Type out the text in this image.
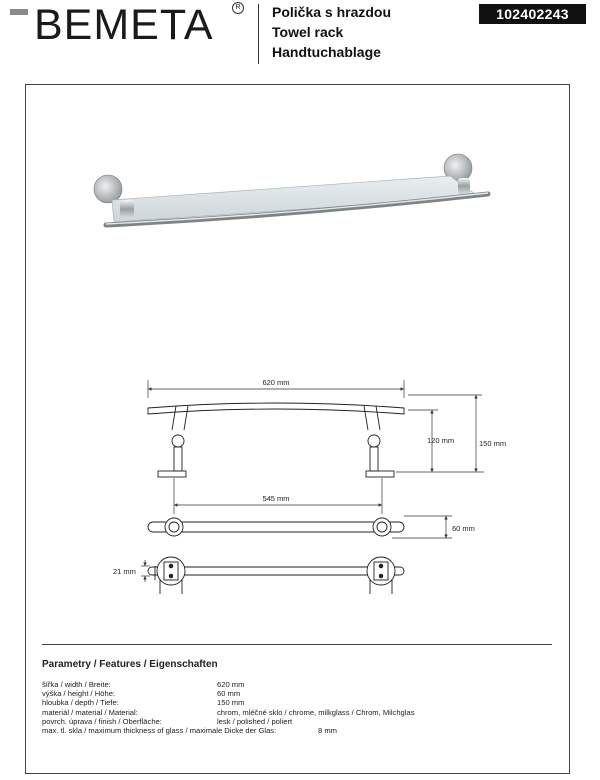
BEMETA	R Polička s hrazdou
Towel rack
Handtuchablage
102402243
620 mm
120 mm	150 mm
545 mm
60 mm
21 mm
Parametry / Features / Eigenschaften
šířka / width / Breite:	620 mm
výška / height / Höhe:	60 mm
hloubka / depth / Tiefe:	150 mm
materiál / material / Material:	chrom, mléčné sklo / chrome, milkglass / Chrom, Milchglas
povrch. úprava / finish / Oberfläche:	lesk / polished / poliert
max. tl. skla / maximum thickness of glass / maximale Dicke der Glas:	8 mm
